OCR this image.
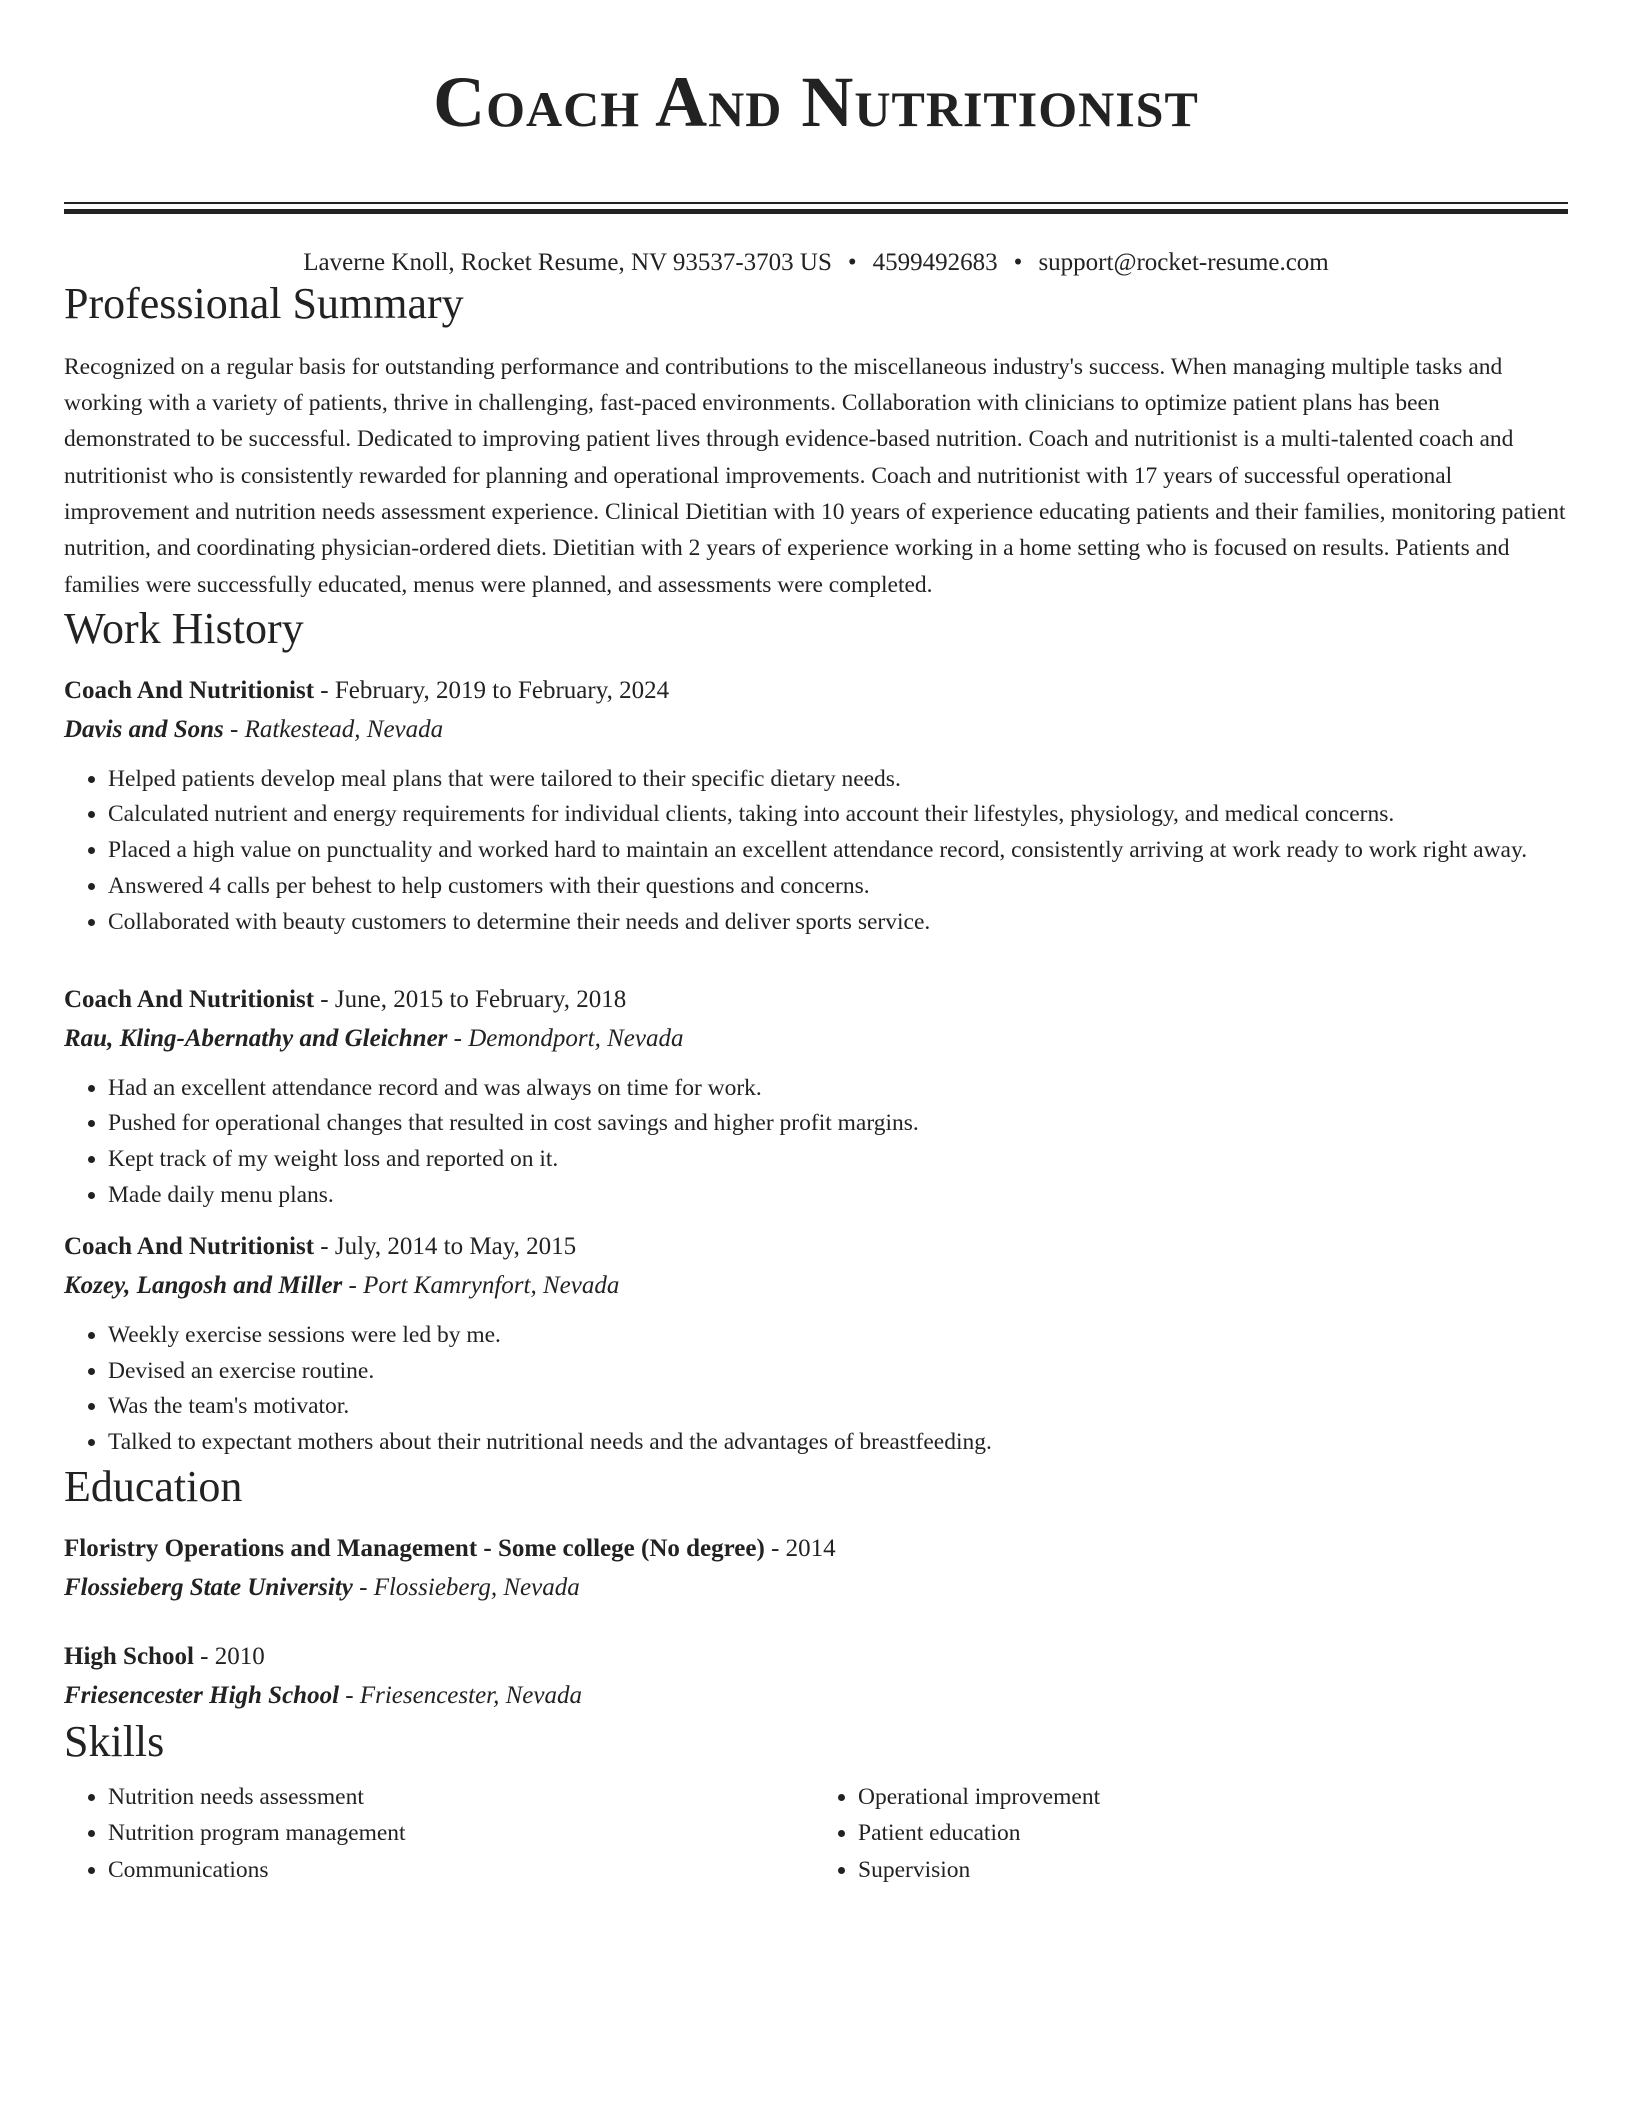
Coach And Nutritionist
Laverne Knoll, Rocket Resume, NV 93537-3703 US • 4599492683 • support@rocket-resume.com
Professional Summary

Recognized on a regular basis for outstanding performance and contributions to the miscellaneous industry's success. When managing multiple tasks and working with a variety of patients, thrive in challenging, fast-paced environments. Collaboration with clinicians to optimize patient plans has been demonstrated to be successful. Dedicated to improving patient lives through evidence-based nutrition. Coach and nutritionist is a multi-talented coach and nutritionist who is consistently rewarded for planning and operational improvements. Coach and nutritionist with 17 years of successful operational improvement and nutrition needs assessment experience. Clinical Dietitian with 10 years of experience educating patients and their families, monitoring patient nutrition, and coordinating physician-ordered diets. Dietitian with 2 years of experience working in a home setting who is focused on results. Patients and families were successfully educated, menus were planned, and assessments were completed.

Work History
Coach And Nutritionist - February, 2019 to February, 2024
Davis and Sons - Ratkestead, Nevada
• Helped patients develop meal plans that were tailored to their specific dietary needs.
• Calculated nutrient and energy requirements for individual clients, taking into account their lifestyles, physiology, and medical concerns.
• Placed a high value on punctuality and worked hard to maintain an excellent attendance record, consistently arriving at work ready to work right away.
• Answered 4 calls per behest to help customers with their questions and concerns.
• Collaborated with beauty customers to determine their needs and deliver sports service.
Coach And Nutritionist - June, 2015 to February, 2018
Rau, Kling-Abernathy and Gleichner - Demondport, Nevada
• Had an excellent attendance record and was always on time for work.
• Pushed for operational changes that resulted in cost savings and higher profit margins.
• Kept track of my weight loss and reported on it.
• Made daily menu plans.
Coach And Nutritionist - July, 2014 to May, 2015
Kozey, Langosh and Miller - Port Kamrynfort, Nevada
• Weekly exercise sessions were led by me.
• Devised an exercise routine.
• Was the team's motivator.
• Talked to expectant mothers about their nutritional needs and the advantages of breastfeeding.
Education
Floristry Operations and Management - Some college (No degree) - 2014
Flossieberg State University - Flossieberg, Nevada
High School - 2010
Friesencester High School - Friesencester, Nevada
Skills
• Nutrition needs assessment
• Nutrition program management
• Communications
• Operational improvement
• Patient education
• Supervision
